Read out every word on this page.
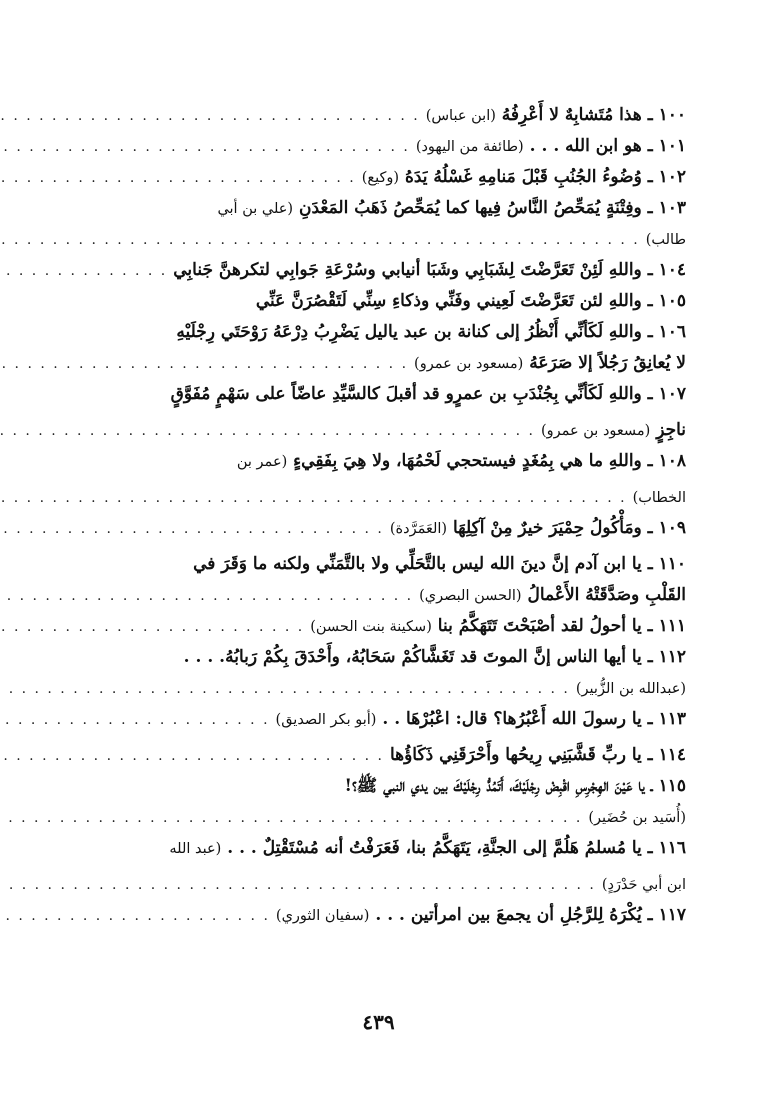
١٠٠ ـ هذا مُتَشابِهٌ لا أَعْرِفُهُ (ابن عباس)
. . .
١٠١ ـ هو ابن الله . . . (طائفة من اليهود)
. . .
١٠٢ ـ وُضُوءُ الجُنُبِ قَبْلَ مَنامِهِ غَسْلُهُ يَدَهُ (وكيع)
. . .
١٠٣ ـ وفِتْنَةٍ يُمَحِّصُ النَّاسُ فِيها كما يُمَحِّصُ ذَهَبُ المَعْدَنِ (علي بن أبي
طالب)
. . .
١٠٤ ـ واللهِ لَئِنْ تَعَرَّضْتَ لِشَبَابِي وشَبَا أنيابي وسُرْعَةِ جَوابِي لتكرهنَّ جَنابِي
. . .
١٠٥ ـ واللهِ لئن تَعَرَّضْتَ لَعِيني وفَنِّي وذكاءِ سِنِّي لَتَقْصُرَنَّ عَنِّي
١٠٦ ـ واللهِ لَكَأنِّي أَنْظُرُ إلى كنانة بن عبد ياليل يَضْرِبُ دِرْعَهُ رَوْحَتَي رِجْلَيْهِ
لا يُعانِقُ رَجُلاً إلا صَرَعَهُ (مسعود بن عمرو)
. . .
١٠٧ ـ واللهِ لَكَأنِّي بِجُنْدَبِ بن عمرٍو قد أقبلَ كالسَّيِّدِ عاضّاً على سَهْمٍ مُفَوَّقٍ
ناجِزٍ (مسعود بن عمرو)
. . .
١٠٨ ـ واللهِ ما هي بِمُغَدٍ فيستحجي لَحْمُهَا، ولا هِيَ بِفَقِيءٍ (عمر بن
الخطاب)
. . .
١٠٩ ـ ومَأْكُولُ حِمْيَرَ خيرٌ مِنْ آكِلِهَا (العَمَرَّدة)
. . .
١١٠ ـ يا ابن آدم إنَّ دينَ الله ليس بالتَّحَلِّي ولا بالتَّمَنِّي ولكنه ما وَقَرَ في
القَلْبِ وصَدَّقَتْهُ الأَعْمالُ (الحسن البصري)
. . .
١١١ ـ يا أحولُ لقد أصْبَحْتَ تَتَهَكَّمُ بنا (سكينة بنت الحسن)
. . .
١١٢ ـ يا أيها الناس إنَّ الموتَ قد تَغَشَّاكُمْ سَحَابُهُ، وأَحْدَقَ بِكُمْ رَبابُهُ. . . .
(عبدالله بن الزُّبير)
. . .
١١٣ ـ يا رسولَ الله أَعْبُرُها؟ قال: اعْبُرْهَا . . (أبو بكر الصديق)
. . .
١١٤ ـ يا ربِّ قَشَّبَنِي رِيحُها وأَحْرَقَنِي ذَكَاؤُها
. . .
١١٥ ـ يا عَيْنَ الهِجْرِسِ اقْبِضْ رِجْلَيْكَ، أَتَمُدُّ رِجْلَيْكَ بين يدي النبي ﷺ؟!
(أُسَيد بن حُضَير)
. . .
١١٦ ـ يا مُسلمُ هَلُمَّ إلى الجنَّةِ، يَتَهَكَّمُ بنا، فَعَرَفْتُ أنه مُسْتَقْتِلٌ . . . (عبد الله
ابن أبي حَدْرَدٍ)
. . .
١١٧ ـ يُكْرَهُ لِلرَّجُلِ أن يجمعَ بين امرأتين . . . (سفيان الثوري)
. . .
٤٣٩
